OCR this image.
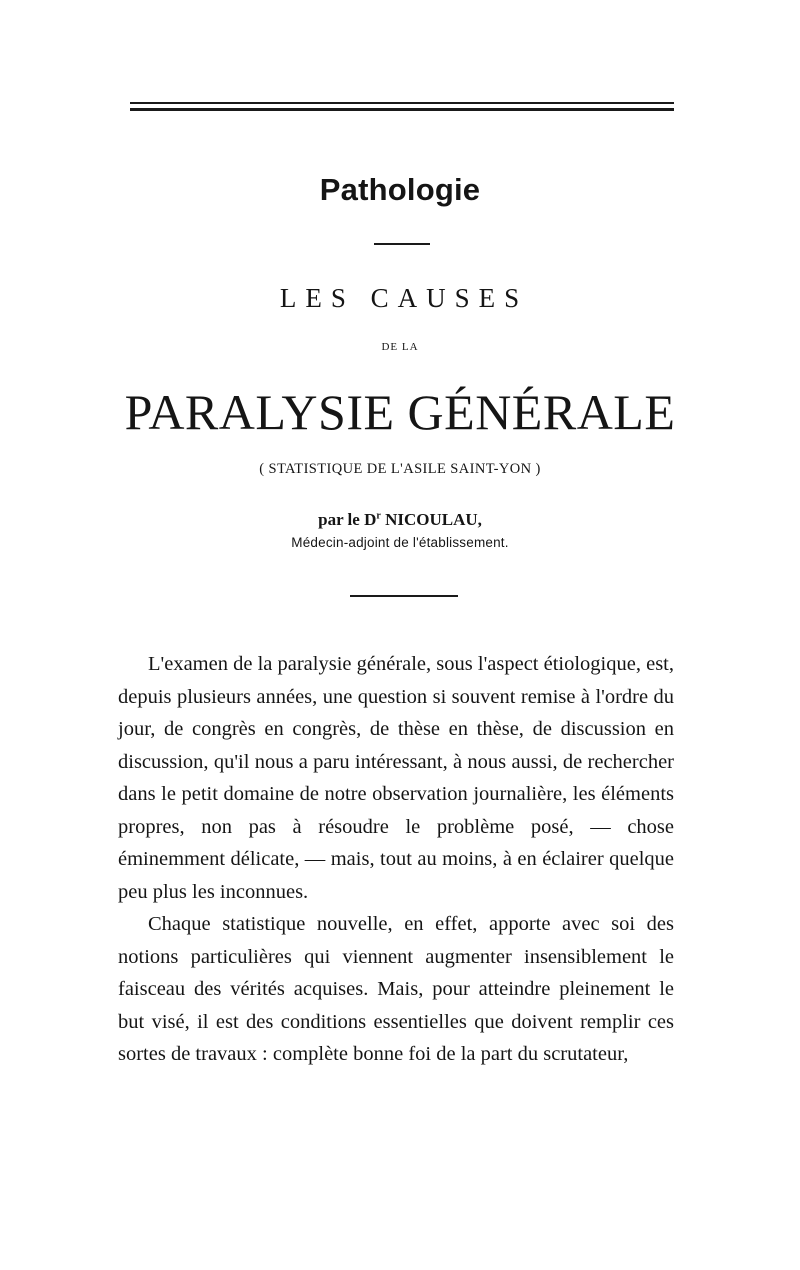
Pathologie
LES CAUSES
DE LA
PARALYSIE GÉNÉRALE
( STATISTIQUE DE L'ASILE SAINT-YON )
par le $D^r$ NICOULAU,
Médecin-adjoint de l'établissement.

L'examen de la paralysie générale, sous l'aspect étiologique, est, depuis plusieurs années, une question si souvent remise à l'ordre du jour, de congrès en congrès, de thèse en thèse, de discussion en discussion, qu'il nous a paru intéressant, à nous aussi, de rechercher dans le petit domaine de notre observation journalière, les éléments propres, non pas à résoudre le problème posé, — chose éminemment délicate, — mais, tout au moins, à en éclairer quelque peu plus les inconnues.

Chaque statistique nouvelle, en effet, apporte avec soi des notions particulières qui viennent augmenter insensiblement le faisceau des vérités acquises. Mais, pour atteindre pleinement le but visé, il est des conditions essentielles que doivent remplir ces sortes de travaux : complète bonne foi de la part du scrutateur,
